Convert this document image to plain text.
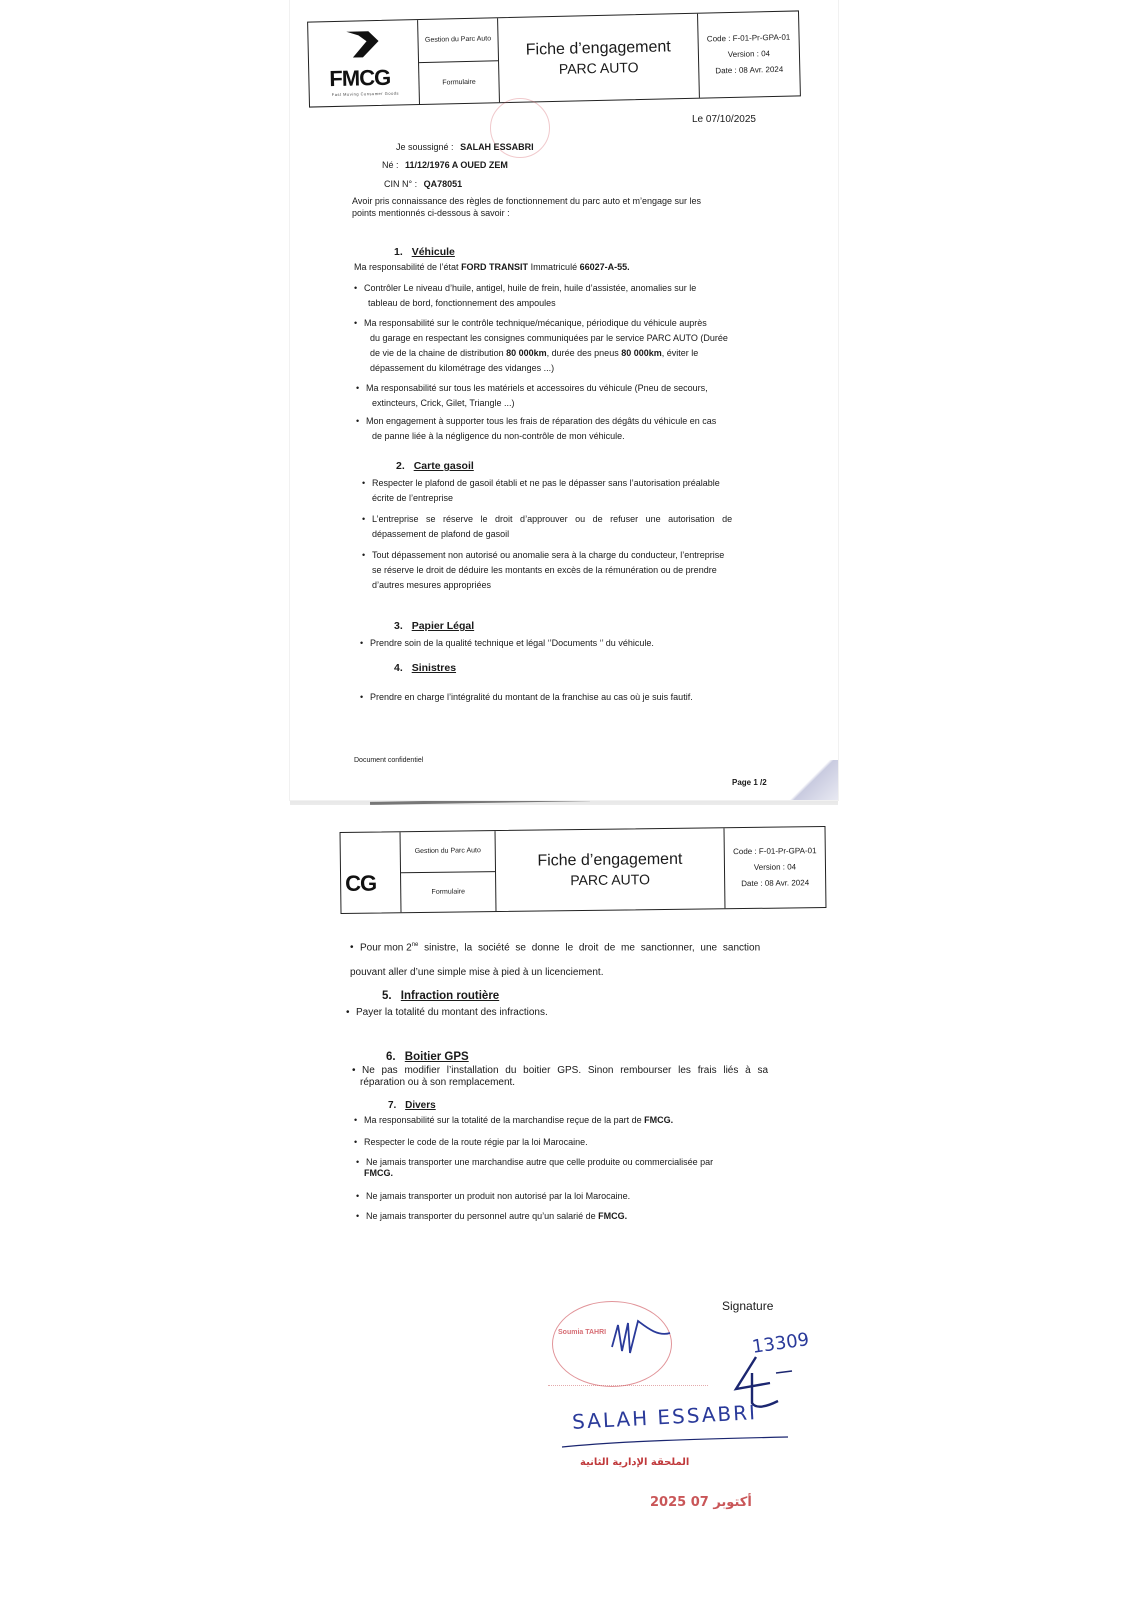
FMCG
Fast Moving Consumer Goods
Gestion du Parc Auto
Formulaire
Fiche d’engagement
PARC AUTO
Code : F-01-Pr-GPA-01
Version : 04
Date : 08 Avr. 2024
Le 07/10/2025
Je soussigné : SALAH ESSABRI
Né : 11/12/1976 A OUED ZEM
CIN N° : QA78051
Avoir pris connaissance des règles de fonctionnement du parc auto et m’engage sur les
points mentionnés ci-dessous à savoir :
1. Véhicule
Ma responsabilité de l’état FORD TRANSIT Immatriculé 66027-A-55.
• Contrôler Le niveau d’huile, antigel, huile de frein, huile d’assistée, anomalies sur le
tableau de bord, fonctionnement des ampoules
• Ma responsabilité sur le contrôle technique/mécanique, périodique du véhicule auprès
du garage en respectant les consignes communiquées par le service PARC AUTO (Durée
de vie de la chaine de distribution 80 000km, durée des pneus 80 000km, éviter le
dépassement du kilométrage des vidanges ...)
• Ma responsabilité sur tous les matériels et accessoires du véhicule (Pneu de secours,
extincteurs, Crick, Gilet, Triangle ...)
• Mon engagement à supporter tous les frais de réparation des dégâts du véhicule en cas
de panne liée à la négligence du non-contrôle de mon véhicule.
2. Carte gasoil
• Respecter le plafond de gasoil établi et ne pas le dépasser sans l’autorisation préalable
écrite de l’entreprise
• L’entreprise se réserve le droit d’approuver ou de refuser une autorisation de
dépassement de plafond de gasoil
• Tout dépassement non autorisé ou anomalie sera à la charge du conducteur, l’entreprise
se réserve le droit de déduire les montants en excès de la rémunération ou de prendre
d’autres mesures appropriées
3. Papier Légal
• Prendre soin de la qualité technique et légal ‘’Documents ‘’ du véhicule.
4. Sinistres
• Prendre en charge l’intégralité du montant de la franchise au cas où je suis fautif.
Document confidentiel
Page 1 /2
CG
Gestion du Parc Auto
Formulaire
Fiche d’engagement
PARC AUTO
Code : F-01-Pr-GPA-01
Version : 04
Date : 08 Avr. 2024
• Pour mon $2^{ne}$ sinistre, la société se donne le droit de me sanctionner, une sanction
pouvant aller d’une simple mise à pied à un licenciement.
5. Infraction routière
• Payer la totalité du montant des infractions.
6. Boitier GPS
• Ne pas modifier l’installation du boitier GPS. Sinon rembourser les frais liés à sa
réparation ou à son remplacement.
7. Divers
• Ma responsabilité sur la totalité de la marchandise reçue de la part de FMCG.
• Respecter le code de la route régie par la loi Marocaine.
• Ne jamais transporter une marchandise autre que celle produite ou commercialisée par
FMCG.
• Ne jamais transporter un produit non autorisé par la loi Marocaine.
• Ne jamais transporter du personnel autre qu’un salarié de FMCG.
Signature
Soumia TAHRI	13309
SALAH ESSABRI
الملحقة الإدارية الثانية
2025 أكتوبر 07
